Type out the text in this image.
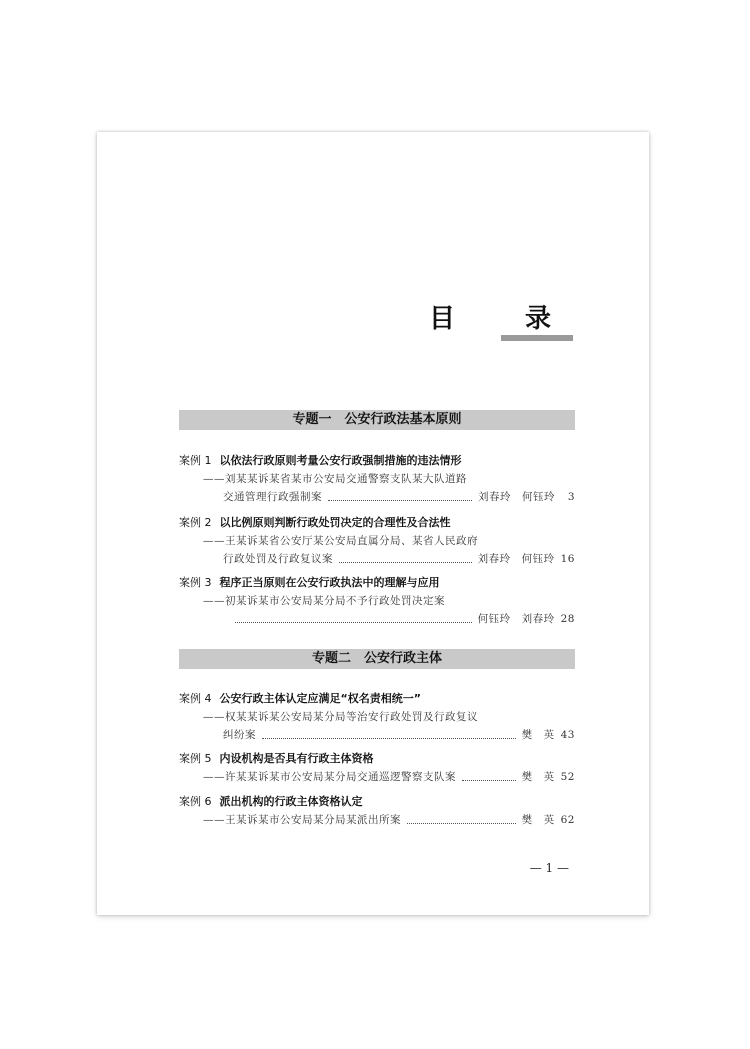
目　录
专题一　公安行政法基本原则
案例 1 以依法行政原则考量公安行政强制措施的违法情形
——刘某某诉某省某市公安局交通警察支队某大队道路
交通管理行政强制案	刘春玲　何钰玲	3
案例 2 以比例原则判断行政处罚决定的合理性及合法性
——王某诉某省公安厅某公安局直属分局、某省人民政府
行政处罚及行政复议案	刘春玲　何钰玲 16
案例 3 程序正当原则在公安行政执法中的理解与应用
——初某诉某市公安局某分局不予行政处罚决定案
何钰玲　刘春玲 28
专题二　公安行政主体
案例 4 公安行政主体认定应满足“权名责相统一”
——权某某诉某公安局某分局等治安行政处罚及行政复议
纠纷案	樊　英 43
案例 5 内设机构是否具有行政主体资格
——许某某诉某市公安局某分局交通巡逻警察支队案	樊　英 52
案例 6 派出机构的行政主体资格认定
——王某诉某市公安局某分局某派出所案	樊　英 62
— 1 —
